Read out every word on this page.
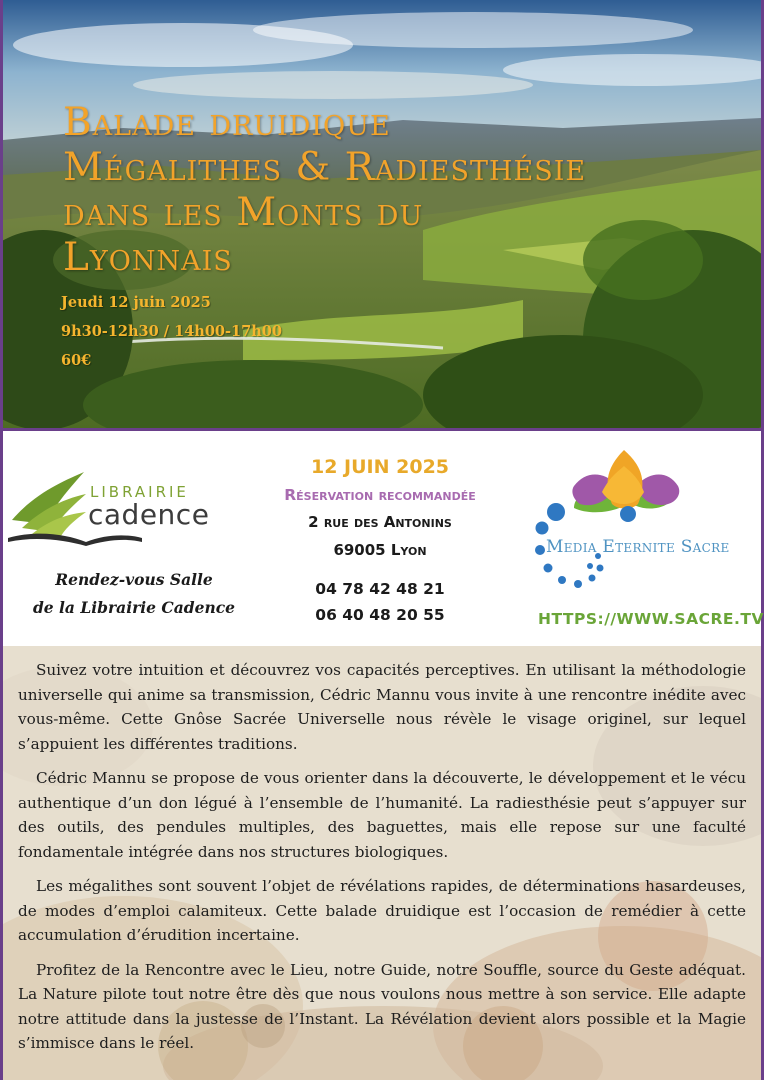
Balade druidique
Mégalithes & Radiesthésie
dans les Monts du
Lyonnais
Jeudi 12 juin 2025
9h30-12h30 / 14h00-17h00
60€
LIBRAIRIE
cadence
Rendez-vous Salle
de la Librairie Cadence
12 JUIN 2025
Réservation recommandée
2 rue des Antonins
69005 Lyon
04 78 42 48 21
06 40 48 20 55
Media Eternite Sacre
HTTPS://WWW.SACRE.TV

Suivez votre intuition et découvrez vos capacités perceptives. En utilisant la méthodologie universelle qui anime sa transmission, Cédric Mannu vous invite à une rencontre inédite avec vous-même. Cette Gnôse Sacrée Universelle nous révèle le visage originel, sur lequel s’appuient les différentes traditions.

Cédric Mannu se propose de vous orienter dans la découverte, le développement et le vécu authentique d’un don légué à l’ensemble de l’humanité. La radiesthésie peut s’appuyer sur des outils, des pendules multiples, des baguettes, mais elle repose sur une faculté fondamentale intégrée dans nos structures biologiques.

Les mégalithes sont souvent l’objet de révélations rapides, de déterminations hasardeuses, de modes d’emploi calamiteux. Cette balade druidique est l’occasion de remédier à cette accumulation d’érudition incertaine.

Profitez de la Rencontre avec le Lieu, notre Guide, notre Souffle, source du Geste adéquat. La Nature pilote tout notre être dès que nous voulons nous mettre à son service. Elle adapte notre attitude dans la justesse de l’Instant. La Révélation devient alors possible et la Magie s’immisce dans le réel.
